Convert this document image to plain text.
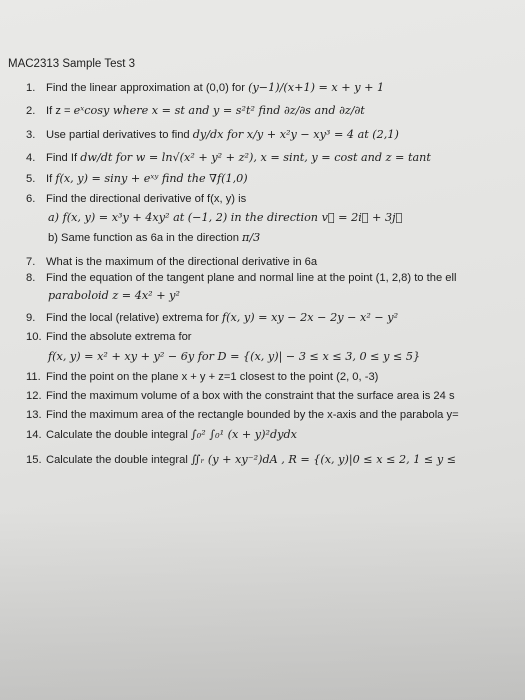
MAC2313 Sample Test 3
1. Find the linear approximation at (0,0) for (y−1)/(x+1) = x + y + 1
2. If z = eˣcosy where x = st and y = s²t² find ∂z/∂s and ∂z/∂t
3. Use partial derivatives to find dy/dx for x/y + x²y − xy³ = 4 at (2,1)
4. Find If dw/dt for w = ln√(x² + y² + z²), x = sint, y = cost and z = tant
5. If f(x, y) = siny + eˣʸ find the ∇f(1,0)
6. Find the directional derivative of f(x, y) is
a) f(x, y) = x³y + 4xy² at (−1, 2) in the direction v⃗ = 2i⃗ + 3j⃗
b) Same function as 6a in the direction π/3
7. What is the maximum of the directional derivative in 6a
8. Find the equation of the tangent plane and normal line at the point (1, 2,8) to the ell
paraboloid z = 4x² + y²
9. Find the local (relative) extrema for f(x, y) = xy − 2x − 2y − x² − y²
10. Find the absolute extrema for
f(x, y) = x² + xy + y² − 6y for D = {(x, y)| − 3 ≤ x ≤ 3, 0 ≤ y ≤ 5}
11. Find the point on the plane x + y + z=1 closest to the point (2, 0, -3)
12. Find the maximum volume of a box with the constraint that the surface area is 24 s
13. Find the maximum area of the rectangle bounded by the x-axis and the parabola y=
14. Calculate the double integral ∫₀² ∫₀¹ (x + y)²dydx
15. Calculate the double integral ∬ᵣ (y + xy⁻²)dA , R = {(x, y)|0 ≤ x ≤ 2, 1 ≤ y ≤
